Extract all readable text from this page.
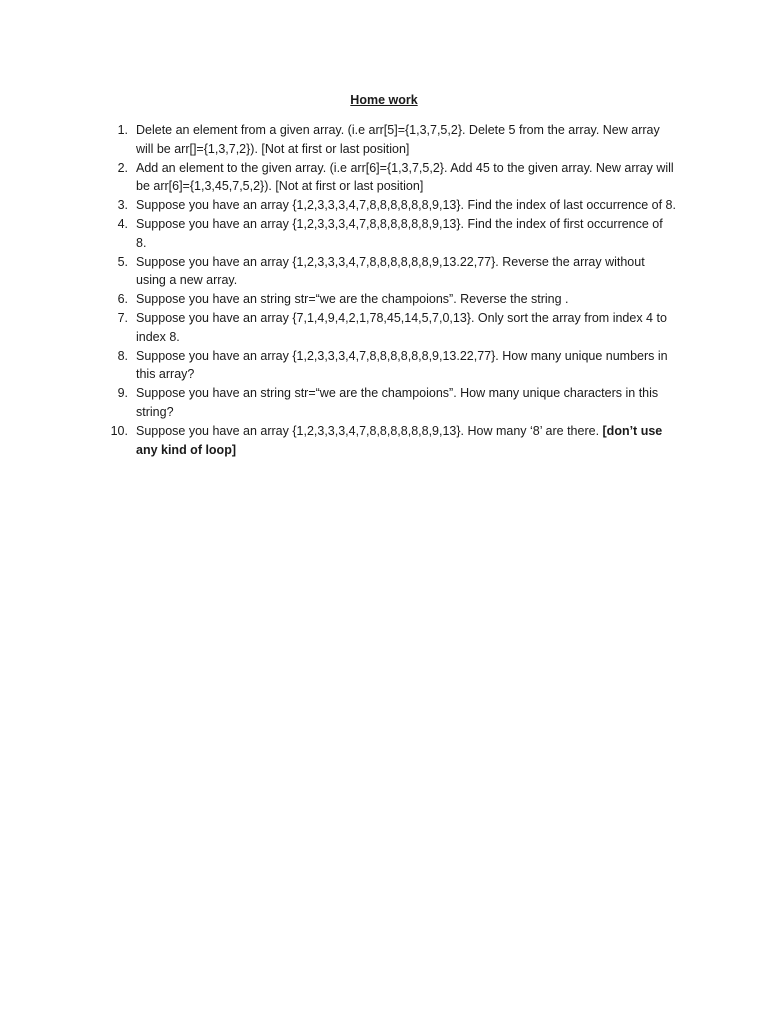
Home work
1. Delete an element from a given array. (i.e arr[5]={1,3,7,5,2}. Delete 5 from the array. New array will be arr[]={1,3,7,2}). [Not at first or last position]
2. Add an element to the given array. (i.e arr[6]={1,3,7,5,2}. Add 45 to the given array. New array will be arr[6]={1,3,45,7,5,2}). [Not at first or last position]
3. Suppose you have an array {1,2,3,3,3,4,7,8,8,8,8,8,8,9,13}. Find the index of last occurrence of 8.
4. Suppose you have an array {1,2,3,3,3,4,7,8,8,8,8,8,8,9,13}. Find the index of first occurrence of 8.
5. Suppose you have an array {1,2,3,3,3,4,7,8,8,8,8,8,8,9,13.22,77}. Reverse the array without using a new array.
6. Suppose you have an string str=“we are the champoions”. Reverse the string .
7. Suppose you have an array {7,1,4,9,4,2,1,78,45,14,5,7,0,13}. Only sort the array from index 4 to index 8.
8. Suppose you have an array {1,2,3,3,3,4,7,8,8,8,8,8,8,9,13.22,77}. How many unique numbers in this array?
9. Suppose you have an string str=“we are the champoions”. How many unique characters in this string?
10. Suppose you have an array {1,2,3,3,3,4,7,8,8,8,8,8,8,9,13}. How many ‘8’ are there. [don’t use any kind of loop]
